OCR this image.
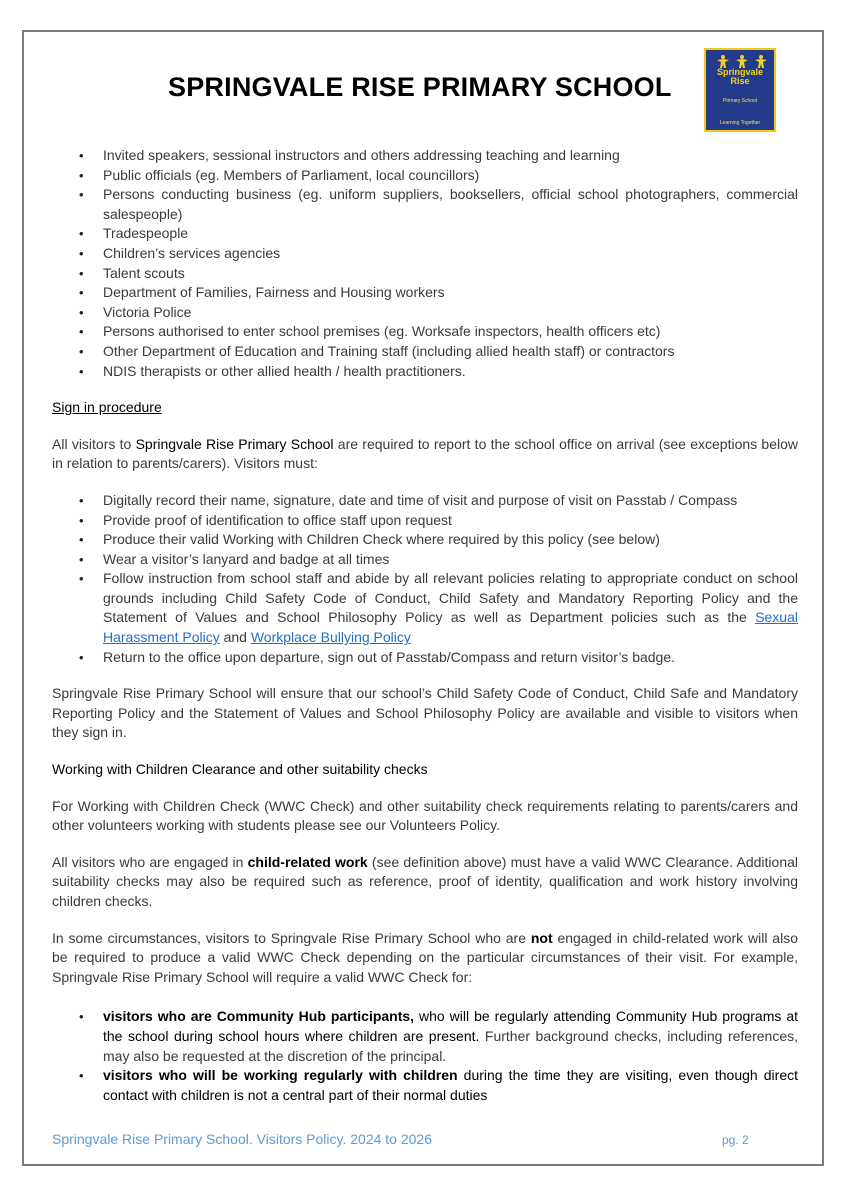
SPRINGVALE RISE PRIMARY SCHOOL	Springvale
Rise
Primary School
Learning Together
• Invited speakers, sessional instructors and others addressing teaching and learning
• Public officials (eg. Members of Parliament, local councillors)
• Persons conducting business (eg. uniform suppliers, booksellers, official school photographers, commercial salespeople)
• Tradespeople
• Children’s services agencies
• Talent scouts
• Department of Families, Fairness and Housing workers
• Victoria Police
• Persons authorised to enter school premises (eg. Worksafe inspectors, health officers etc)
• Other Department of Education and Training staff (including allied health staff) or contractors
• NDIS therapists or other allied health / health practitioners.

Sign in procedure

All visitors to Springvale Rise Primary School are required to report to the school office on arrival (see exceptions below in relation to parents/carers). Visitors must:

• Digitally record their name, signature, date and time of visit and purpose of visit on Passtab / Compass
• Provide proof of identification to office staff upon request
• Produce their valid Working with Children Check where required by this policy (see below)
• Wear a visitor’s lanyard and badge at all times
• Follow instruction from school staff and abide by all relevant policies relating to appropriate conduct on school grounds including Child Safety Code of Conduct, Child Safety and Mandatory Reporting Policy and the Statement of Values and School Philosophy Policy as well as Department policies such as the Sexual Harassment Policy and Workplace Bullying Policy
• Return to the office upon departure, sign out of Passtab/Compass and return visitor’s badge.

Springvale Rise Primary School will ensure that our school’s Child Safety Code of Conduct, Child Safe and Mandatory Reporting Policy and the Statement of Values and School Philosophy Policy are available and visible to visitors when they sign in.

Working with Children Clearance and other suitability checks

For Working with Children Check (WWC Check) and other suitability check requirements relating to parents/carers and other volunteers working with students please see our Volunteers Policy.

All visitors who are engaged in child-related work (see definition above) must have a valid WWC Clearance. Additional suitability checks may also be required such as reference, proof of identity, qualification and work history involving children checks.

In some circumstances, visitors to Springvale Rise Primary School who are not engaged in child-related work will also be required to produce a valid WWC Check depending on the particular circumstances of their visit. For example, Springvale Rise Primary School will require a valid WWC Check for:

• visitors who are Community Hub participants, who will be regularly attending Community Hub programs at the school during school hours where children are present. Further background checks, including references, may also be requested at the discretion of the principal.
• visitors who will be working regularly with children during the time they are visiting, even though direct contact with children is not a central part of their normal duties
Springvale Rise Primary School. Visitors Policy. 2024 to 2026	pg. 2
